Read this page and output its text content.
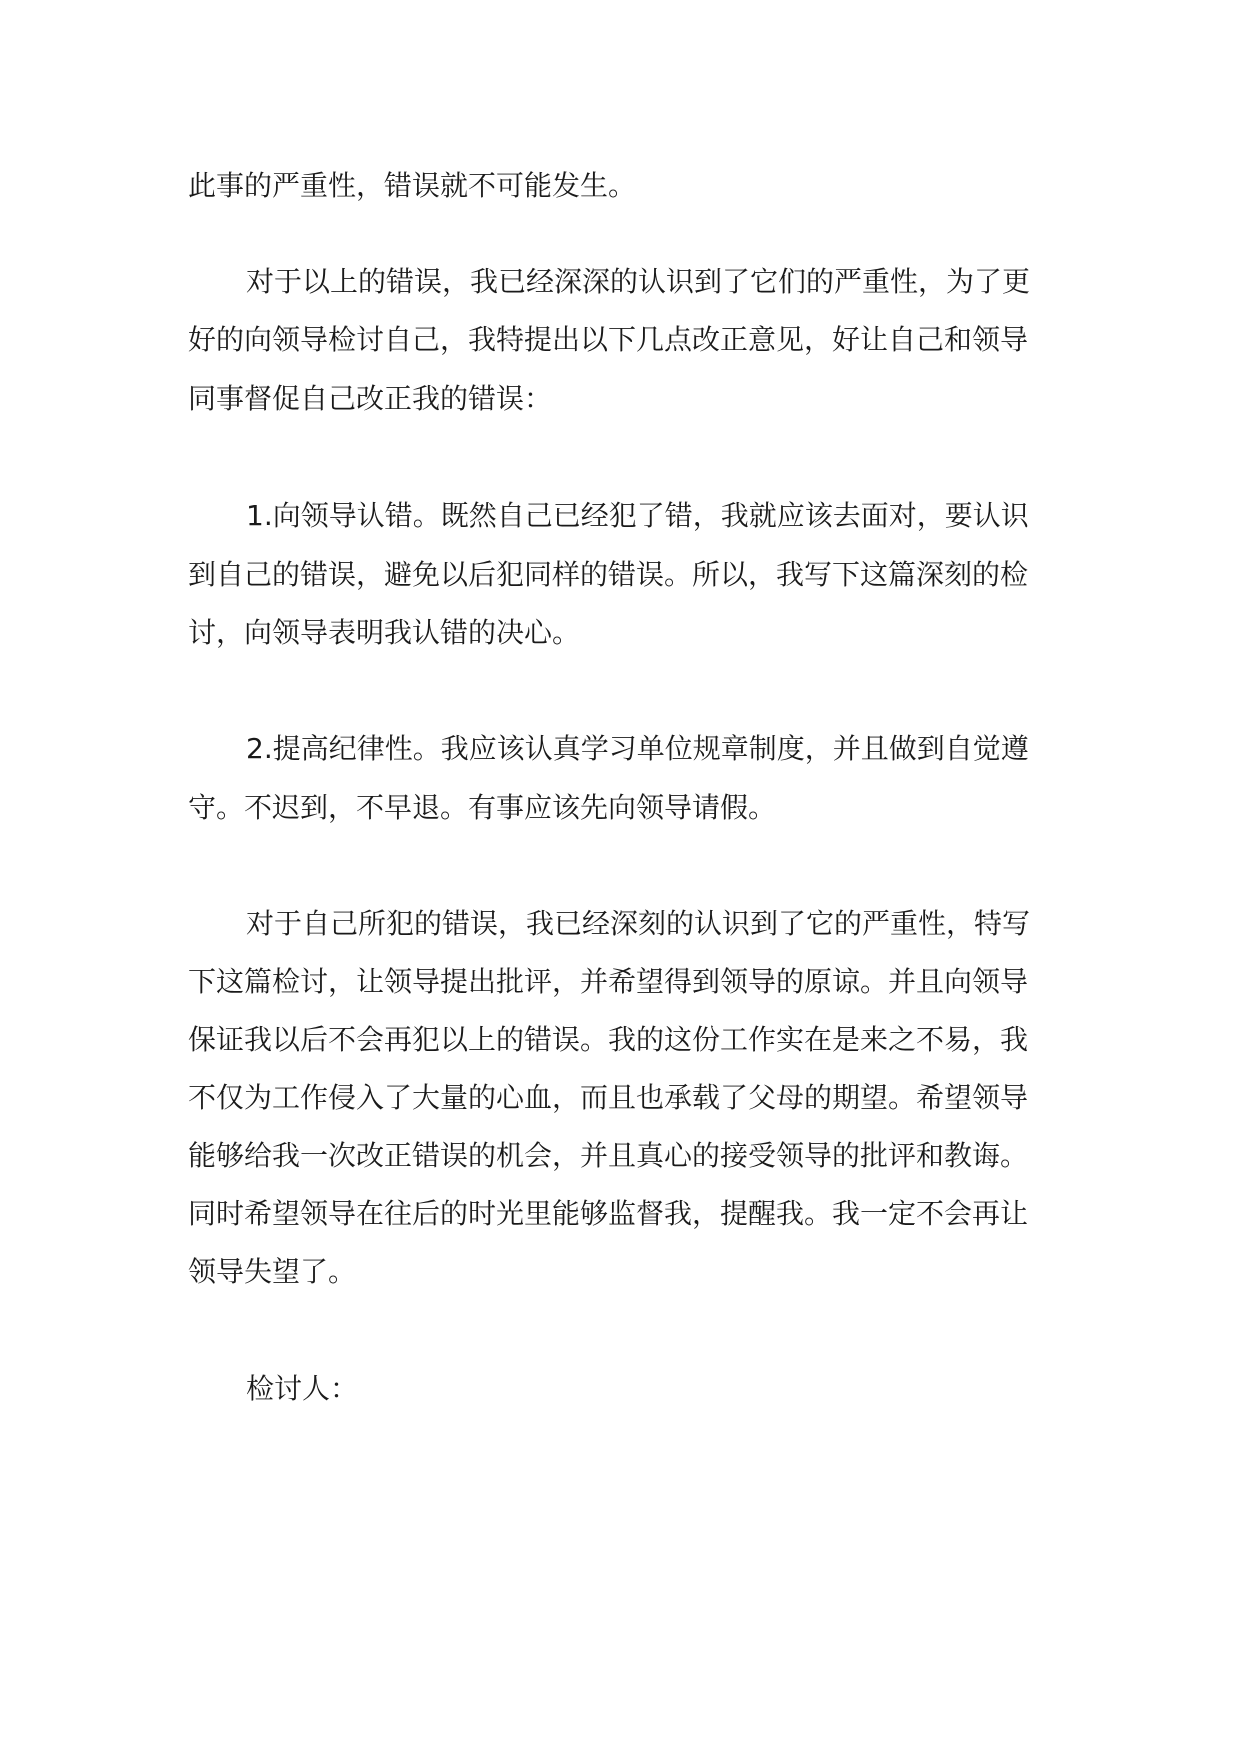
此事的严重性，错误就不可能发生。
对于以上的错误，我已经深深的认识到了它们的严重性，为了更
好的向领导检讨自己，我特提出以下几点改正意见，好让自己和领导
同事督促自己改正我的错误：
1.向领导认错。既然自己已经犯了错，我就应该去面对，要认识
到自己的错误，避免以后犯同样的错误。所以，我写下这篇深刻的检
讨，向领导表明我认错的决心。
2.提高纪律性。我应该认真学习单位规章制度，并且做到自觉遵
守。不迟到，不早退。有事应该先向领导请假。
对于自己所犯的错误，我已经深刻的认识到了它的严重性，特写
下这篇检讨，让领导提出批评，并希望得到领导的原谅。并且向领导
保证我以后不会再犯以上的错误。我的这份工作实在是来之不易，我
不仅为工作侵入了大量的心血，而且也承载了父母的期望。希望领导
能够给我一次改正错误的机会，并且真心的接受领导的批评和教诲。
同时希望领导在往后的时光里能够监督我，提醒我。我一定不会再让
领导失望了。
检讨人：
